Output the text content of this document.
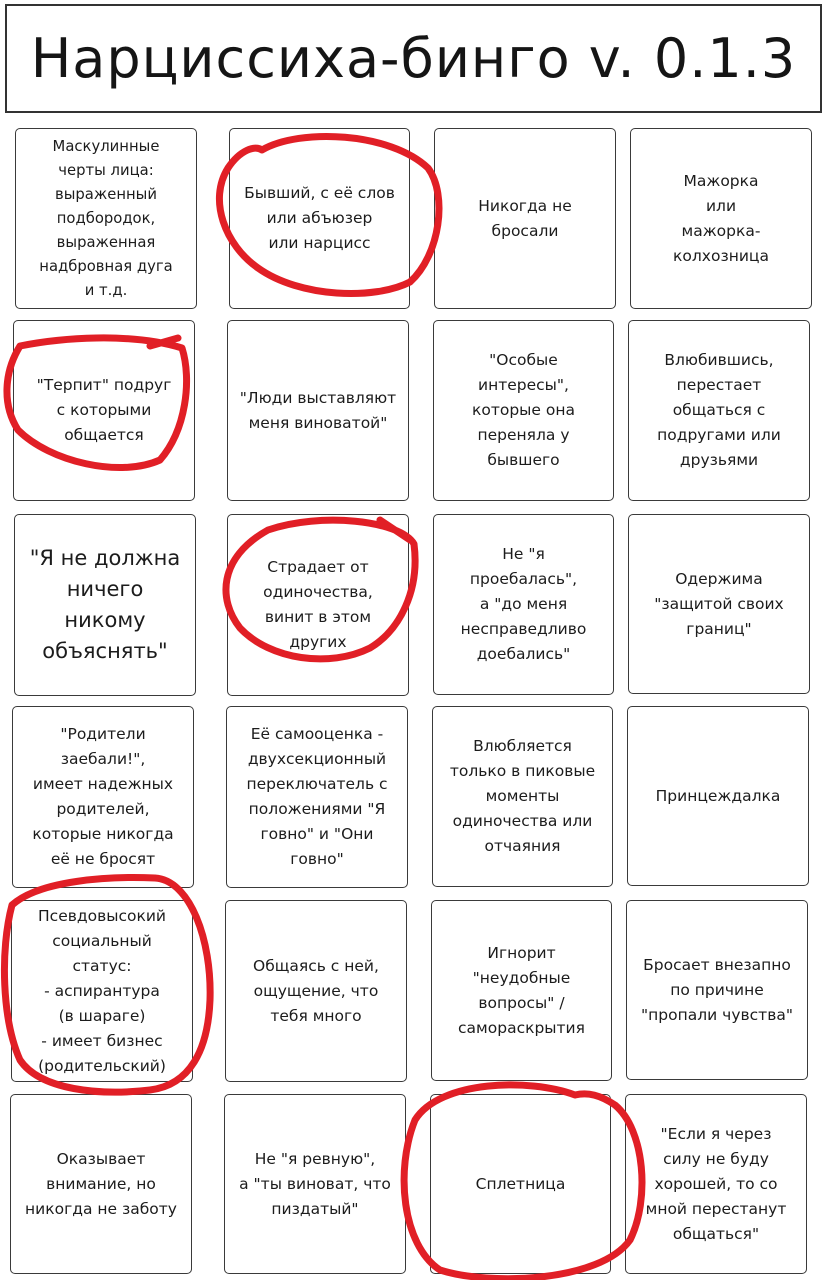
Нарциссиха-бинго v. 0.1.3
Маскулинные
черты лица:
выраженный
подбородок,
выраженная
надбровная дуга
и т.д.
Бывший, с её слов
или абъюзер
или нарцисс
Никогда не
бросали
Мажорка
или
мажорка-
колхозница
"Терпит" подруг
с которыми
общается
"Люди выставляют
меня виноватой"
"Особые
интересы",
которые она
переняла у
бывшего
Влюбившись,
перестает
общаться с
подругами или
друзьями
"Я не должна
ничего
никому
объяснять"
Страдает от
одиночества,
винит в этом
других
Не "я
проебалась",
а "до меня
несправедливо
доебались"
Одержима
"защитой своих
границ"
"Родители
заебали!",
имеет надежных
родителей,
которые никогда
её не бросят
Её самооценка -
двухсекционный
переключатель с
положениями "Я
говно" и "Они
говно"
Влюбляется
только в пиковые
моменты
одиночества или
отчаяния
Принцеждалка
Псевдовысокий
социальный
статус:
- аспирантура
(в шараге)
- имеет бизнес
(родительский)
Общаясь с ней,
ощущение, что
тебя много
Игнорит
"неудобные
вопросы" /
самораскрытия
Бросает внезапно
по причине
"пропали чувства"
Оказывает
внимание, но
никогда не заботу
Не "я ревную",
а "ты виноват, что
пиздатый"
Сплетница
"Если я через
силу не буду
хорошей, то со
мной перестанут
общаться"
